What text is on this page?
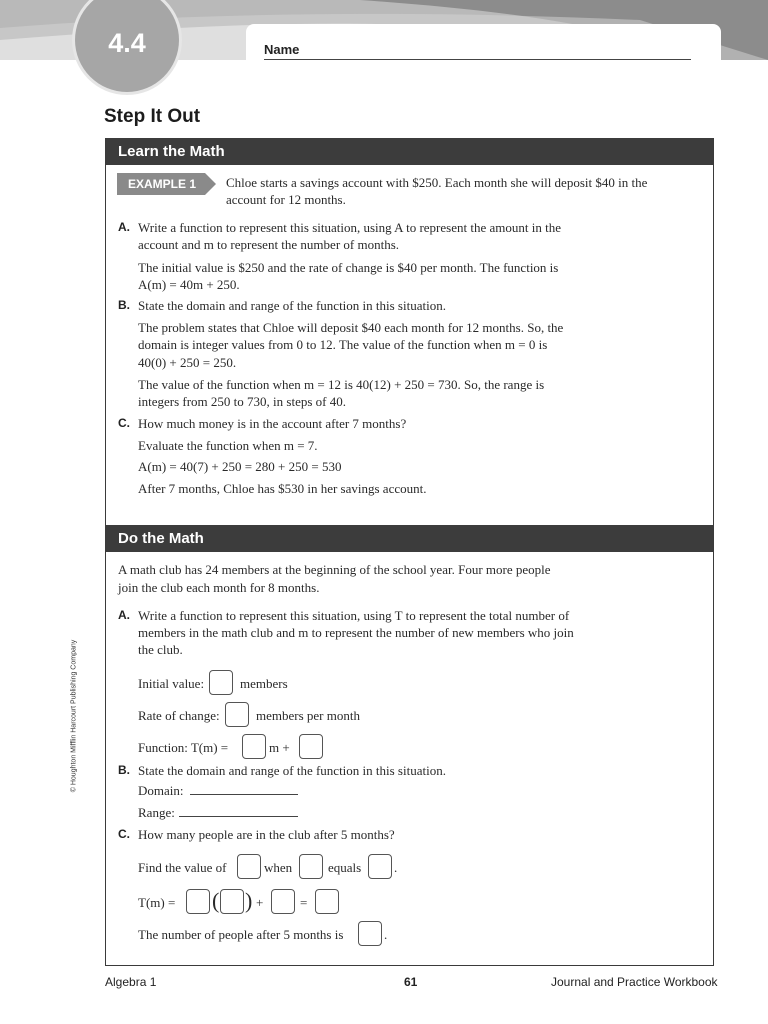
4.4	Name
Step It Out
Learn the Math
EXAMPLE 1 Chloe starts a savings account with $250. Each month she will deposit $40 in the
account for 12 months.
A. Write a function to represent this situation, using A to represent the amount in the
account and m to represent the number of months.
The initial value is $250 and the rate of change is $40 per month. The function is
A(m) = 40m + 250.
B. State the domain and range of the function in this situation.
The problem states that Chloe will deposit $40 each month for 12 months. So, the
domain is integer values from 0 to 12. The value of the function when m = 0 is
40(0) + 250 = 250.
The value of the function when m = 12 is 40(12) + 250 = 730. So, the range is
integers from 250 to 730, in steps of 40.
C. How much money is in the account after 7 months?
Evaluate the function when m = 7.
A(m) = 40(7) + 250 = 280 + 250 = 530
After 7 months, Chloe has $530 in her savings account.
Do the Math
A math club has 24 members at the beginning of the school year. Four more people
join the club each month for 8 months.
A. Write a function to represent this situation, using T to represent the total number of
members in the math club and m to represent the number of new members who join
the club.
Initial value:	members
Rate of change:	members per month
Function: T(m) =	m +
B. State the domain and range of the function in this situation.
Domain:
Range:
C. How many people are in the club after 5 months?
Find the value of	when	equals	.
T(m) = ( ) +	=
The number of people after 5 months is	.
© Houghton Mifflin Harcourt Publishing Company
Algebra 1	61	Journal and Practice Workbook
